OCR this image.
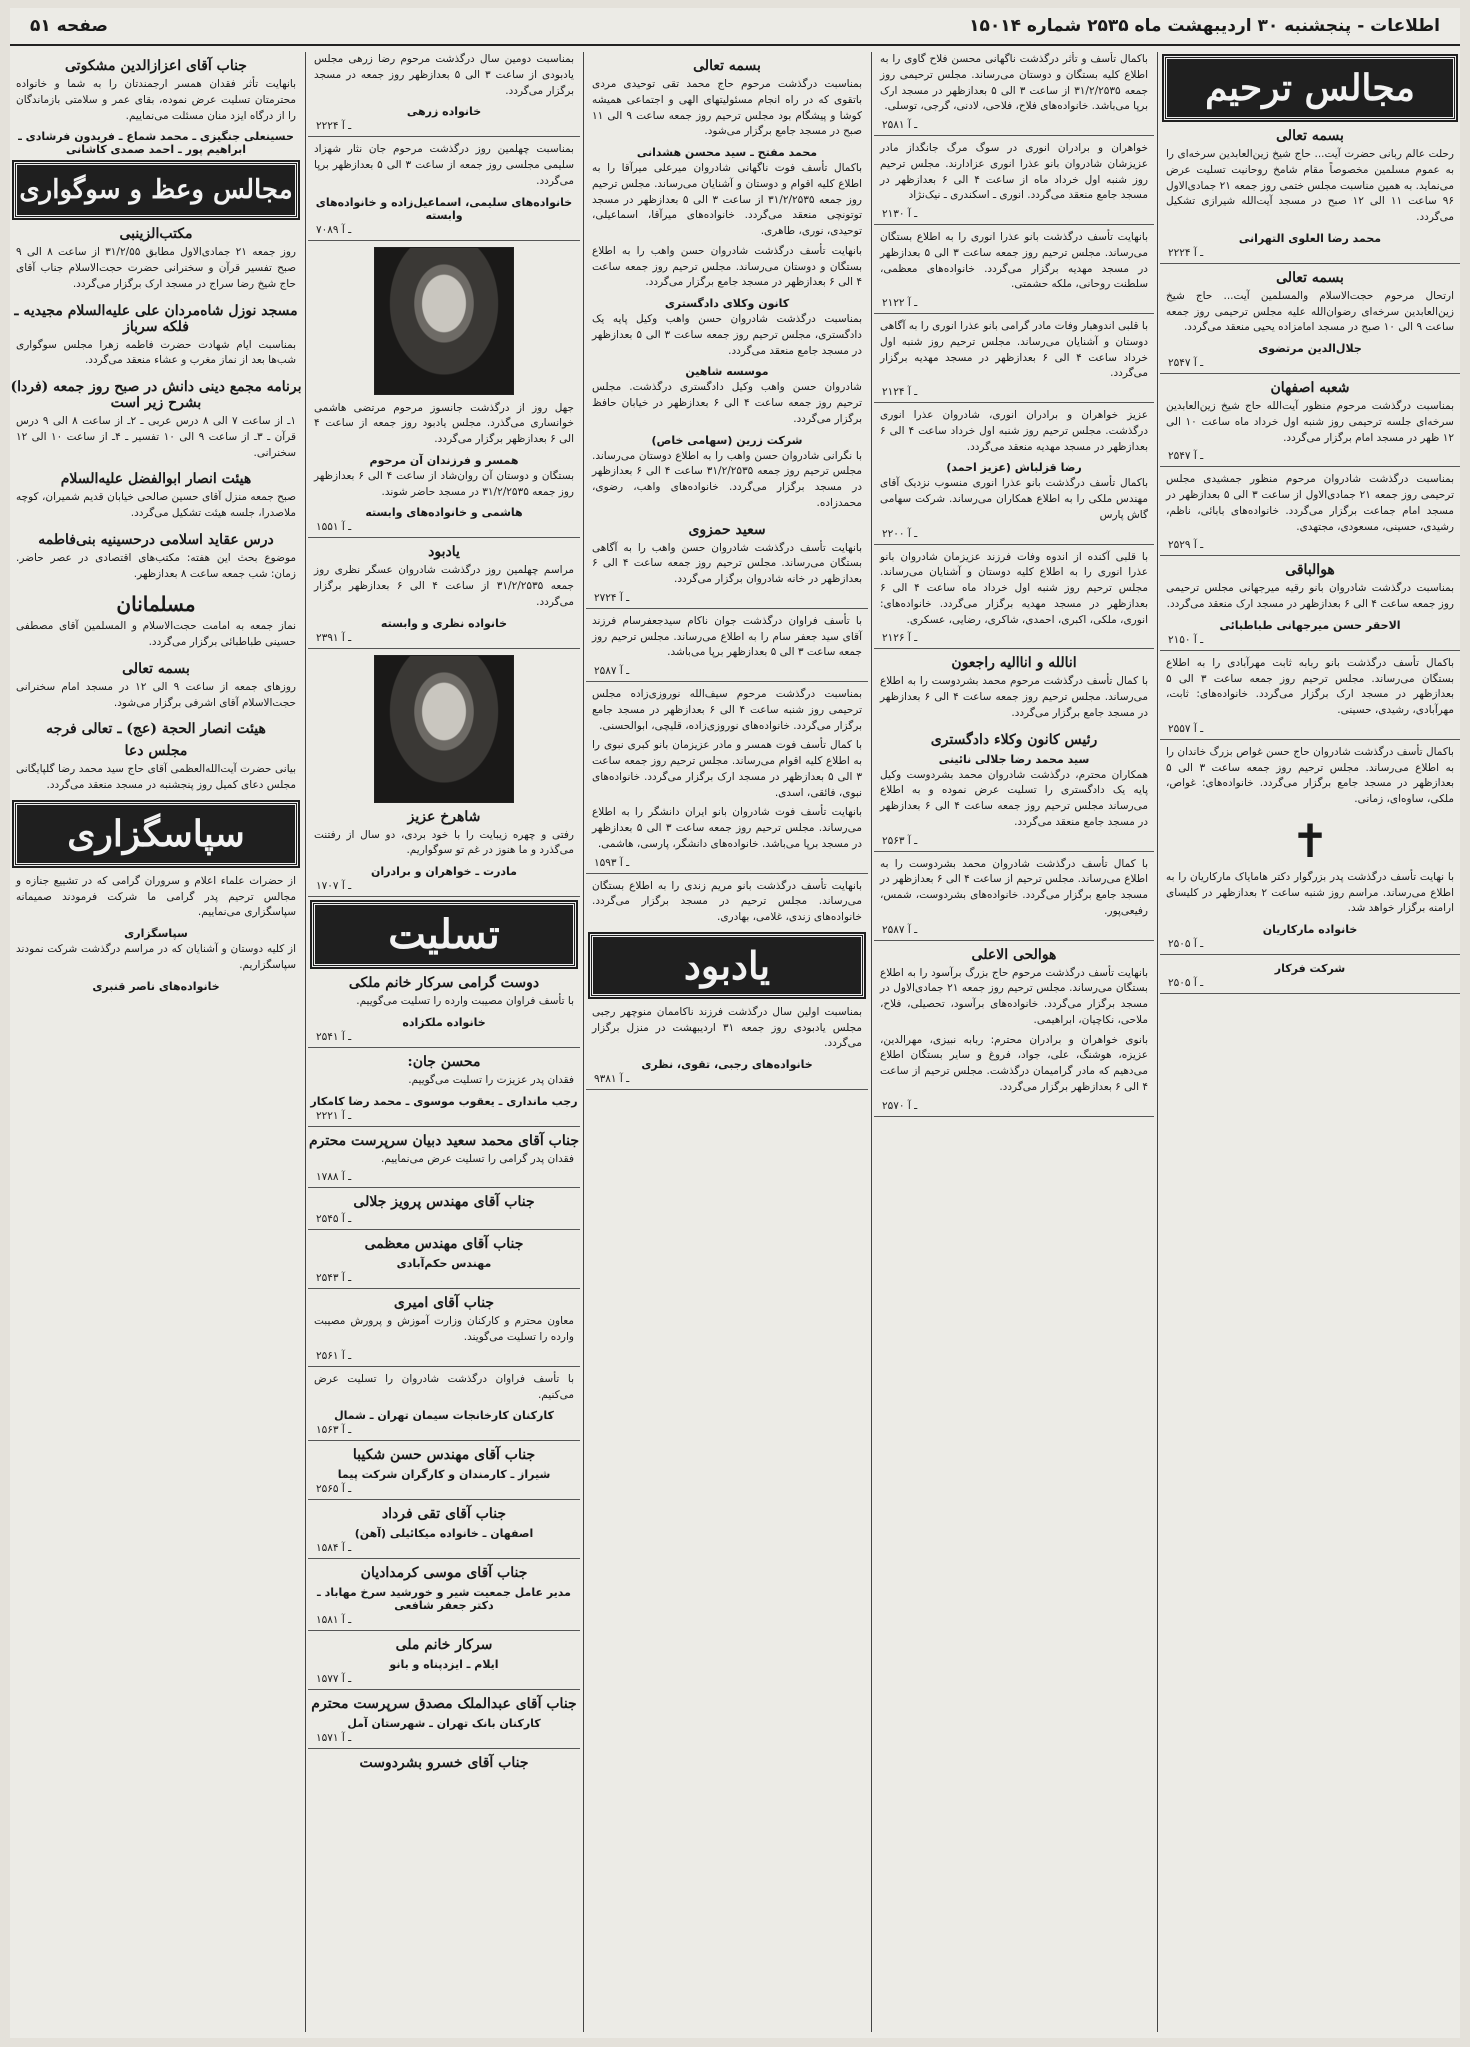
اطلاعات - پنجشنبه ۳۰ اردیبهشت ماه ۲۵۳۵ شماره ۱۵۰۱۴
صفحه ۵۱
مجالس ترحیم
بسمه تعالی
رحلت عالم ربانی حضرت آیت... حاج شیخ زین‌العابدین سرخه‌ای را به عموم مسلمین مخصوصاً مقام شامخ روحانیت تسلیت عرض می‌نماید. به همین مناسبت مجلس ختمی روز جمعه ۲۱ جمادی‌الاول ۹۶ ساعت ۱۱ الی ۱۲ صبح در مسجد آیت‌الله شیرازی تشکیل می‌گردد.
محمد رضا العلوی التهرانی
۲۲۲۴ ـ آ
بسمه تعالی
ارتحال مرحوم حجت‌الاسلام والمسلمین آیت... حاج شیخ زین‌العابدین سرخه‌ای رضوان‌الله علیه مجلس ترحیمی روز جمعه ساعت ۹ الی ۱۰ صبح در مسجد امامزاده یحیی منعقد می‌گردد.
جلال‌الدین مرتضوی
۲۵۴۷ ـ آ
شعبه اصفهان
بمناسبت درگذشت مرحوم منظور آیت‌الله حاج شیخ زین‌العابدین سرخه‌ای جلسه ترحیمی روز شنبه اول خرداد ماه ساعت ۱۰ الی ۱۲ ظهر در مسجد امام برگزار می‌گردد.
۲۵۴۷ ـ آ
بمناسبت درگذشت شادروان مرحوم منظور جمشیدی مجلس ترحیمی روز جمعه ۲۱ جمادی‌الاول از ساعت ۳ الی ۵ بعدازظهر در مسجد امام جماعت برگزار می‌گردد. خانواده‌های بابائی، ناظم، رشیدی، حسینی، مسعودی، مجتهدی.
۲۵۲۹ ـ آ
هوالباقی
بمناسبت درگذشت شادروان بانو رقیه میرجهانی مجلس ترحیمی روز جمعه ساعت ۴ الی ۶ بعدازظهر در مسجد ارک منعقد می‌گردد.
الاحقر حسن میرجهانی طباطبائی
۲۱۵۰ ـ آ
باکمال تأسف درگذشت بانو ربابه ثابت مهرآبادی را به اطلاع بستگان می‌رساند. مجلس ترحیم روز جمعه ساعت ۳ الی ۵ بعدازظهر در مسجد ارک برگزار می‌گردد. خانواده‌های: ثابت، مهرآبادی، رشیدی، حسینی.
۲۵۵۷ ـ آ
باکمال تأسف درگذشت شادروان حاج حسن غواص بزرگ خاندان را به اطلاع می‌رساند. مجلس ترحیم روز جمعه ساعت ۳ الی ۵ بعدازظهر در مسجد جامع برگزار می‌گردد. خانواده‌های: غواص، ملکی، ساوه‌ای، زمانی.
✝
با نهایت تأسف درگذشت پدر بزرگوار دکتر هامایاک مارکاریان را به اطلاع می‌رساند. مراسم روز شنبه ساعت ۲ بعدازظهر در کلیسای ارامنه برگزار خواهد شد.
خانواده مارکاریان
۲۵۰۵ ـ آ
شرکت فرکار
۲۵۰۵ ـ آ
باکمال تأسف و تأثر درگذشت ناگهانی محسن فلاح گاوی را به اطلاع کلیه بستگان و دوستان می‌رساند. مجلس ترحیمی روز جمعه ۳۱/۲/۲۵۳۵ از ساعت ۳ الی ۵ بعدازظهر در مسجد ارک برپا می‌باشد. خانواده‌های فلاح، فلاحی، لادنی، گرجی، توسلی.
۲۵۸۱ ـ آ
خواهران و برادران انوری در سوگ مرگ جانگداز مادر عزیزشان شادروان بانو عذرا انوری عزادارند. مجلس ترحیم روز شنبه اول خرداد ماه از ساعت ۴ الی ۶ بعدازظهر در مسجد جامع منعقد می‌گردد. انوری ـ اسکندری ـ نیک‌نژاد
۲۱۳۰ ـ آ
بانهایت تأسف درگذشت بانو عذرا انوری را به اطلاع بستگان می‌رساند. مجلس ترحیم روز جمعه ساعت ۳ الی ۵ بعدازظهر در مسجد مهدیه برگزار می‌گردد. خانواده‌های معظمی، سلطنت روحانی، ملکه حشمتی.
۲۱۲۲ ـ آ
با قلبی اندوهبار وفات مادر گرامی بانو عذرا انوری را به آگاهی دوستان و آشنایان می‌رساند. مجلس ترحیم روز شنبه اول خرداد ساعت ۴ الی ۶ بعدازظهر در مسجد مهدیه برگزار می‌گردد.
۲۱۲۴ ـ آ
عزیز خواهران و برادران انوری، شادروان عذرا انوری درگذشت. مجلس ترحیم روز شنبه اول خرداد ساعت ۴ الی ۶ بعدازظهر در مسجد مهدیه منعقد می‌گردد.
رضا قزلباش (عزیز احمد)
باکمال تأسف درگذشت بانو عذرا انوری منسوب نزدیک آقای مهندس ملکی را به اطلاع همکاران می‌رساند. شرکت سهامی گاش پارس
۲۲۰۰ ـ آ
با قلبی آکنده از اندوه وفات فرزند عزیزمان شادروان بانو عذرا انوری را به اطلاع کلیه دوستان و آشنایان می‌رساند. مجلس ترحیم روز شنبه اول خرداد ماه ساعت ۴ الی ۶ بعدازظهر در مسجد مهدیه برگزار می‌گردد. خانواده‌های: انوری، ملکی، اکبری، احمدی، شاکری، رضایی، عسکری.
۲۱۲۶ ـ آ
انالله و اناالیه راجعون
با کمال تأسف درگذشت مرحوم محمد بشردوست را به اطلاع می‌رساند. مجلس ترحیم روز جمعه ساعت ۴ الی ۶ بعدازظهر در مسجد جامع برگزار می‌گردد.
رئیس کانون وکلاء دادگستری
سید محمد رضا جلالی نائینی
همکاران محترم، درگذشت شادروان محمد بشردوست وکیل پایه یک دادگستری را تسلیت عرض نموده و به اطلاع می‌رساند مجلس ترحیم روز جمعه ساعت ۴ الی ۶ بعدازظهر در مسجد جامع منعقد می‌گردد.
۲۵۶۳ ـ آ
با کمال تأسف درگذشت شادروان محمد بشردوست را به اطلاع می‌رساند. مجلس ترحیم از ساعت ۴ الی ۶ بعدازظهر در مسجد جامع برگزار می‌گردد. خانواده‌های بشردوست، شمس، رفیعی‌پور.
۲۵۸۷ ـ آ
هوالحی الاعلی
بانهایت تأسف درگذشت مرحوم حاج بزرگ برآسود را به اطلاع بستگان می‌رساند. مجلس ترحیم روز جمعه ۲۱ جمادی‌الاول در مسجد برگزار می‌گردد. خانواده‌های برآسود، تحصیلی، فلاح، ملاحی، نکاچیان، ابراهیمی.
بانوی خواهران و برادران محترم: ربابه نبیزی، مهرالدین، عزیزه، هوشنگ، علی، جواد، فروغ و سایر بستگان اطلاع می‌دهیم که مادر گرامیمان درگذشت. مجلس ترحیم از ساعت ۴ الی ۶ بعدازظهر برگزار می‌گردد.
۲۵۷۰ ـ آ
بسمه تعالی
بمناسبت درگذشت مرحوم حاج محمد تقی توحیدی مردی باتقوی که در راه انجام مسئولیتهای الهی و اجتماعی همیشه کوشا و پیشگام بود مجلس ترحیم روز جمعه ساعت ۹ الی ۱۱ صبح در مسجد جامع برگزار می‌شود.
محمد مفتح ـ سید محسن هشدانی
باکمال تأسف فوت ناگهانی شادروان میرعلی میرآقا را به اطلاع کلیه اقوام و دوستان و آشنایان می‌رساند. مجلس ترحیم روز جمعه ۳۱/۲/۲۵۳۵ از ساعت ۳ الی ۵ بعدازظهر در مسجد توتونچی منعقد می‌گردد. خانواده‌های میرآقا، اسماعیلی، توحیدی، نوری، طاهری.
بانهایت تأسف درگذشت شادروان حسن واهب را به اطلاع بستگان و دوستان می‌رساند. مجلس ترحیم روز جمعه ساعت ۴ الی ۶ بعدازظهر در مسجد جامع برگزار می‌گردد.
کانون وکلای دادگستری
بمناسبت درگذشت شادروان حسن واهب وکیل پایه یک دادگستری، مجلس ترحیم روز جمعه ساعت ۳ الی ۵ بعدازظهر در مسجد جامع منعقد می‌گردد.
موسسه شاهین
شادروان حسن واهب وکیل دادگستری درگذشت. مجلس ترحیم روز جمعه ساعت ۴ الی ۶ بعدازظهر در خیابان حافظ برگزار می‌گردد.
شرکت زرین (سهامی خاص)
با نگرانی شادروان حسن واهب را به اطلاع دوستان می‌رساند. مجلس ترحیم روز جمعه ۳۱/۲/۲۵۳۵ ساعت ۴ الی ۶ بعدازظهر در مسجد برگزار می‌گردد. خانواده‌های واهب، رضوی، محمدزاده.
سعید حمزوی
بانهایت تأسف درگذشت شادروان حسن واهب را به آگاهی بستگان می‌رساند. مجلس ترحیم روز جمعه ساعت ۴ الی ۶ بعدازظهر در خانه شادروان برگزار می‌گردد.
۲۷۲۴ ـ آ
با تأسف فراوان درگذشت جوان ناکام سیدجعفرسام فرزند آقای سید جعفر سام را به اطلاع می‌رساند. مجلس ترحیم روز جمعه ساعت ۳ الی ۵ بعدازظهر برپا می‌باشد.
۲۵۸۷ ـ آ
بمناسبت درگذشت مرحوم سیف‌الله نوروزی‌زاده مجلس ترحیمی روز شنبه ساعت ۴ الی ۶ بعدازظهر در مسجد جامع برگزار می‌گردد. خانواده‌های نوروزی‌زاده، قلیچی، ابوالحسنی.
با کمال تأسف فوت همسر و مادر عزیزمان بانو کبری نبوی را به اطلاع کلیه اقوام می‌رساند. مجلس ترحیم روز جمعه ساعت ۳ الی ۵ بعدازظهر در مسجد ارک برگزار می‌گردد. خانواده‌های نبوی، فائقی، اسدی.
بانهایت تأسف فوت شادروان بانو ایران دانشگر را به اطلاع می‌رساند. مجلس ترحیم روز جمعه ساعت ۳ الی ۵ بعدازظهر در مسجد برپا می‌باشد. خانواده‌های دانشگر، پارسی، هاشمی.
۱۵۹۳ ـ آ
بانهایت تأسف درگذشت بانو مریم زندی را به اطلاع بستگان می‌رساند. مجلس ترحیم در مسجد برگزار می‌گردد. خانواده‌های زندی، غلامی، بهادری.
یادبود
بمناسبت اولین سال درگذشت فرزند ناکاممان منوچهر رجبی مجلس یادبودی روز جمعه ۳۱ اردیبهشت در منزل برگزار می‌گردد.
خانواده‌های رجبی، تقوی، نظری
۹۳۸۱ ـ آ
بمناسبت دومین سال درگذشت مرحوم رضا زرهی مجلس یادبودی از ساعت ۳ الی ۵ بعدازظهر روز جمعه در مسجد برگزار می‌گردد.
خانواده زرهی
۲۲۲۴ ـ آ
بمناسبت چهلمین روز درگذشت مرحوم جان نثار شهزاد سلیمی مجلسی روز جمعه از ساعت ۳ الی ۵ بعدازظهر برپا می‌گردد.
خانواده‌های سلیمی، اسماعیل‌زاده و خانواده‌های وابسته
۷۰۸۹ ـ آ
جهل روز از درگذشت جانسوز مرحوم مرتضی هاشمی خوانساری می‌گذرد. مجلس یادبود روز جمعه از ساعت ۴ الی ۶ بعدازظهر برگزار می‌گردد.
همسر و فرزندان آن مرحوم
بستگان و دوستان آن روان‌شاد از ساعت ۴ الی ۶ بعدازظهر روز جمعه ۳۱/۲/۲۵۳۵ در مسجد حاضر شوند.
هاشمی و خانواده‌های وابسته
۱۵۵۱ ـ آ
یادبود
مراسم چهلمین روز درگذشت شادروان عسگر نظری روز جمعه ۳۱/۲/۲۵۳۵ از ساعت ۴ الی ۶ بعدازظهر برگزار می‌گردد.
خانواده نظری و وابسته
۲۳۹۱ ـ آ
شاهرخ عزیز
رفتی و چهره زیبایت را با خود بردی، دو سال از رفتنت می‌گذرد و ما هنوز در غم تو سوگواریم.
مادرت ـ خواهران و برادران
۱۷۰۷ ـ آ
تسلیت
دوست گرامی سرکار خانم ملکی
با تأسف فراوان مصیبت وارده را تسلیت می‌گوییم.
خانواده ملکزاده
۲۵۴۱ ـ آ
محسن جان:
فقدان پدر عزیزت را تسلیت می‌گوییم.
رجب مانداری ـ یعقوب موسوی ـ محمد رضا کامکار
۲۲۲۱ ـ آ
جناب آقای محمد سعید دبیان سرپرست محترم
فقدان پدر گرامی را تسلیت عرض می‌نماییم.
۱۷۸۸ ـ آ
جناب آقای مهندس پرویز جلالی
۲۵۴۵ ـ آ
جناب آقای مهندس معظمی
مهندس حکم‌آبادی
۲۵۴۳ ـ آ
جناب آقای امیری
معاون محترم و کارکنان وزارت آموزش و پرورش مصیبت وارده را تسلیت می‌گویند.
۲۵۶۱ ـ آ
با تأسف فراوان درگذشت شادروان را تسلیت عرض می‌کنیم.
کارکنان کارخانجات سیمان تهران ـ شمال
۱۵۶۳ ـ آ
جناب آقای مهندس حسن شکیبا
شیراز ـ کارمندان و کارگران شرکت پیما
۲۵۶۵ ـ آ
جناب آقای تقی فرداد
اصفهان ـ خانواده میکائیلی (آهن)
۱۵۸۴ ـ آ
جناب آقای موسی کرمدادیان
مدیر عامل جمعیت شیر و خورشید سرخ مهاباد ـ دکتر جعفر شافعی
۱۵۸۱ ـ آ
سرکار خانم ملی
ایلام ـ ایزدپناه و بانو
۱۵۷۷ ـ آ
جناب آقای عبدالملک مصدق سرپرست محترم
کارکنان بانک تهران ـ شهرستان آمل
۱۵۷۱ ـ آ
جناب آقای خسرو بشردوست
جناب آقای اعزازالدین مشکوتی
بانهایت تأثر فقدان همسر ارجمندتان را به شما و خانواده محترمتان تسلیت عرض نموده، بقای عمر و سلامتی بازماندگان را از درگاه ایزد منان مسئلت می‌نماییم.
حسینعلی جنگیزی ـ محمد شماع ـ فریدون فرشادی ـ ابراهیم پور ـ احمد صمدی کاشانی
مجالس وعظ و سوگواری
مکتب‌الزینبی
روز جمعه ۲۱ جمادی‌الاول مطابق ۳۱/۲/۵۵ از ساعت ۸ الی ۹ صبح تفسیر قرآن و سخنرانی حضرت حجت‌الاسلام جناب آقای حاج شیخ رضا سراج در مسجد ارک برگزار می‌گردد.
مسجد نوزل شاه‌مردان علی علیه‌السلام مجیدیه ـ فلکه سرباز
بمناسبت ایام شهادت حضرت فاطمه زهرا مجلس سوگواری شب‌ها بعد از نماز مغرب و عشاء منعقد می‌گردد.
برنامه مجمع دینی دانش در صبح روز جمعه (فردا) بشرح زیر است
۱ـ از ساعت ۷ الی ۸ درس عربی ـ ۲ـ از ساعت ۸ الی ۹ درس قرآن ـ ۳ـ از ساعت ۹ الی ۱۰ تفسیر ـ ۴ـ از ساعت ۱۰ الی ۱۲ سخنرانی.
هیئت انصار ابوالفضل علیه‌السلام
صبح جمعه منزل آقای حسین صالحی خیابان قدیم شمیران، کوچه ملاصدرا، جلسه هیئت تشکیل می‌گردد.
درس عقاید اسلامی درحسینیه بنی‌فاطمه
موضوع بحث این هفته: مکتب‌های اقتصادی در عصر حاضر. زمان: شب جمعه ساعت ۸ بعدازظهر.
مسلمانان
نماز جمعه به امامت حجت‌الاسلام و المسلمین آقای مصطفی حسینی طباطبائی برگزار می‌گردد.
بسمه تعالی
روزهای جمعه از ساعت ۹ الی ۱۲ در مسجد امام سخنرانی حجت‌الاسلام آقای اشرفی برگزار می‌شود.
هیئت انصار الحجة (عج) ـ تعالی فرجه
مجلس دعا
بیانی حضرت آیت‌الله‌العظمی آقای حاج سید محمد رضا گلپایگانی مجلس دعای کمیل روز پنجشنبه در مسجد منعقد می‌گردد.
سپاسگزاری
از حضرات علماء اعلام و سروران گرامی که در تشییع جنازه و مجالس ترحیم پدر گرامی ما شرکت فرمودند صمیمانه سپاسگزاری می‌نماییم.
سپاسگزاری
از کلیه دوستان و آشنایان که در مراسم درگذشت شرکت نمودند سپاسگزاریم.
خانواده‌های ناصر قنبری
